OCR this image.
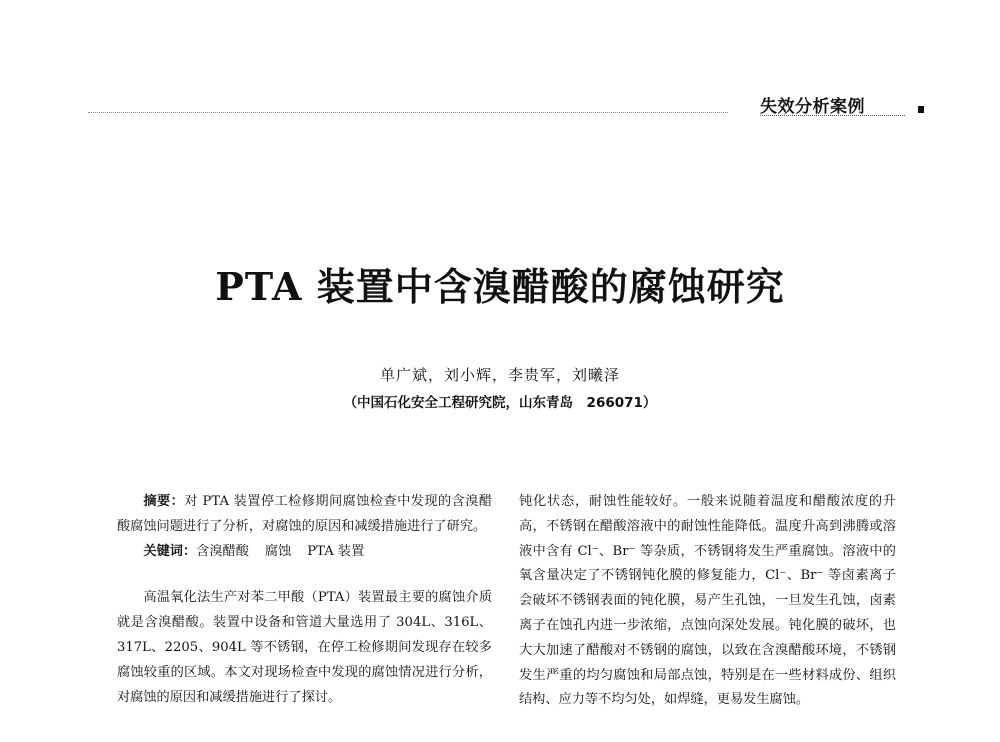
失效分析案例
PTA 装置中含溴醋酸的腐蚀研究
单广斌，刘小辉，李贵军，刘曦泽
（中国石化安全工程研究院，山东青岛　266071）

摘要：对 PTA 装置停工检修期间腐蚀检查中发现的含溴醋酸腐蚀问题进行了分析，对腐蚀的原因和减缓措施进行了研究。

关键词：含溴醋酸 腐蚀 PTA 装置

高温氧化法生产对苯二甲酸（PTA）装置最主要的腐蚀介质就是含溴醋酸。装置中设备和管道大量选用了 304L、316L、317L、2205、904L 等不锈钢，在停工检修期间发现存在较多腐蚀较重的区域。本文对现场检查中发现的腐蚀情况进行分析，对腐蚀的原因和减缓措施进行了探讨。

钝化状态，耐蚀性能较好。一般来说随着温度和醋酸浓度的升高，不锈钢在醋酸溶液中的耐蚀性能降低。温度升高到沸腾或溶液中含有 Cl⁻、Br⁻ 等杂质，不锈钢将发生严重腐蚀。溶液中的氧含量决定了不锈钢钝化膜的修复能力，Cl⁻、Br⁻ 等卤素离子会破坏不锈钢表面的钝化膜，易产生孔蚀，一旦发生孔蚀，卤素离子在蚀孔内进一步浓缩，点蚀向深处发展。钝化膜的破坏，也大大加速了醋酸对不锈钢的腐蚀，以致在含溴醋酸环境，不锈钢发生严重的均匀腐蚀和局部点蚀，特别是在一些材料成份、组织结构、应力等不均匀处，如焊缝，更易发生腐蚀。
